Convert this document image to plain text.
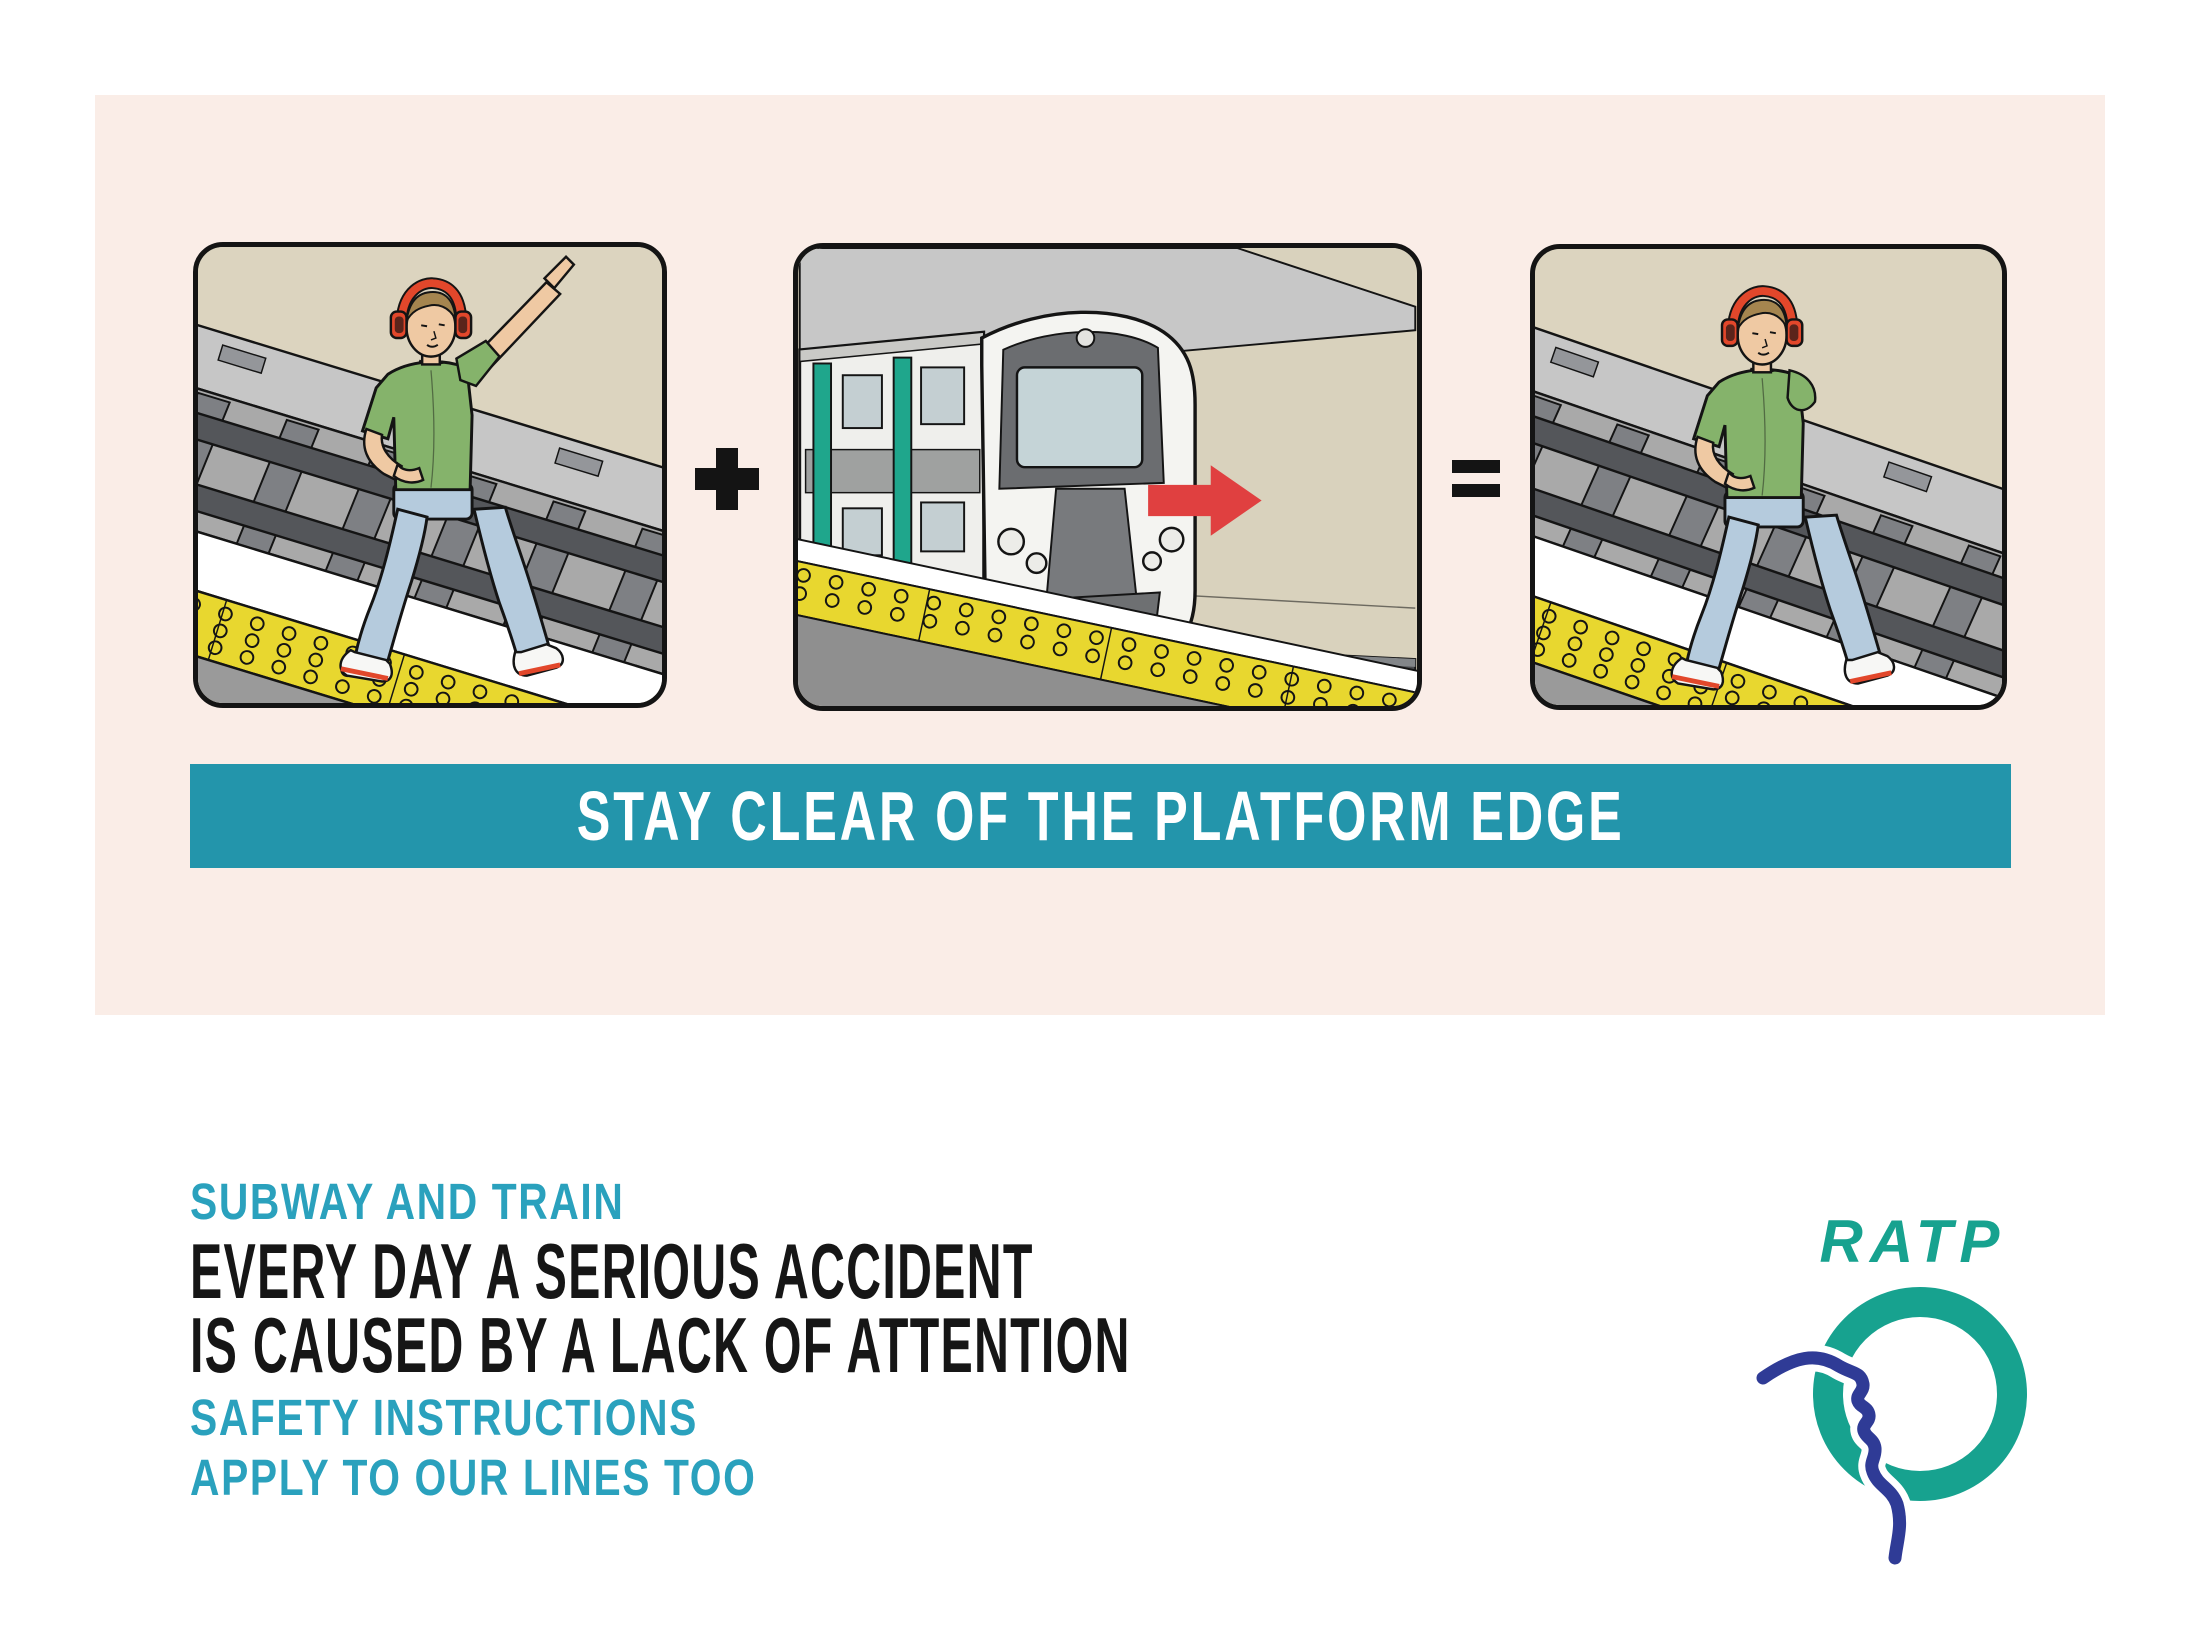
STAY CLEAR OF THE PLATFORM EDGE
SUBWAY AND TRAIN
EVERY DAY A SERIOUS ACCIDENT
IS CAUSED BY A LACK OF ATTENTION
SAFETY INSTRUCTIONS
APPLY TO OUR LINES TOO
RATP
